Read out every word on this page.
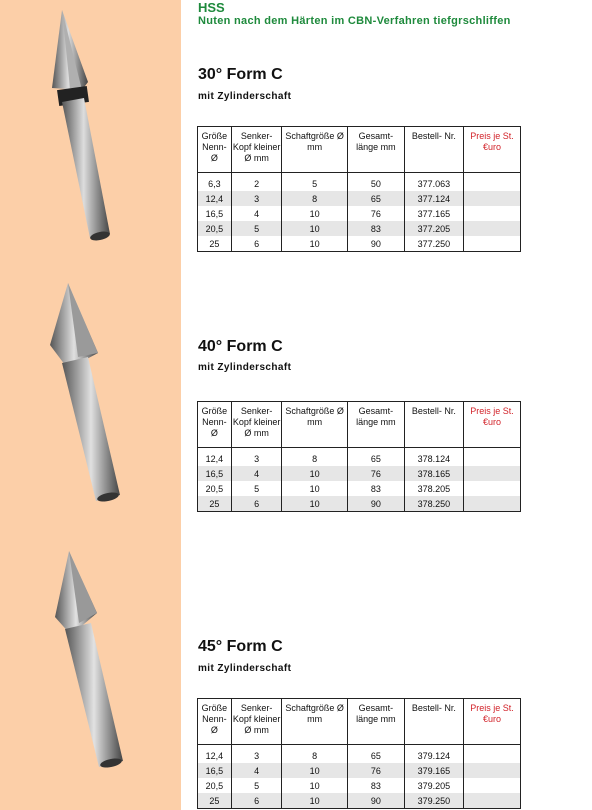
HSS
Nuten nach dem Härten im CBN-Verfahren tiefgrschliffen
30° Form C
mit Zylinderschaft
Größe Nenn- Ø	Senker-Kopf kleiner Ø mm	Schaftgröße Ø mm	Gesamt- länge mm	Bestell- Nr.	Preis je St. €uro
6,3	2	5	50	377.063	
12,4	3	8	65	377.124	
16,5	4	10	76	377.165	
20,5	5	10	83	377.205	
25	6	10	90	377.250	
40° Form C
mit Zylinderschaft
Größe Nenn- Ø	Senker-Kopf kleiner Ø mm	Schaftgröße Ø mm	Gesamt- länge mm	Bestell- Nr.	Preis je St. €uro
12,4	3	8	65	378.124	
16,5	4	10	76	378.165	
20,5	5	10	83	378.205	
25	6	10	90	378.250	
45° Form C
mit Zylinderschaft
Größe Nenn- Ø	Senker-Kopf kleiner Ø mm	Schaftgröße Ø mm	Gesamt- länge mm	Bestell- Nr.	Preis je St. €uro
12,4	3	8	65	379.124	
16,5	4	10	76	379.165	
20,5	5	10	83	379.205	
25	6	10	90	379.250	
